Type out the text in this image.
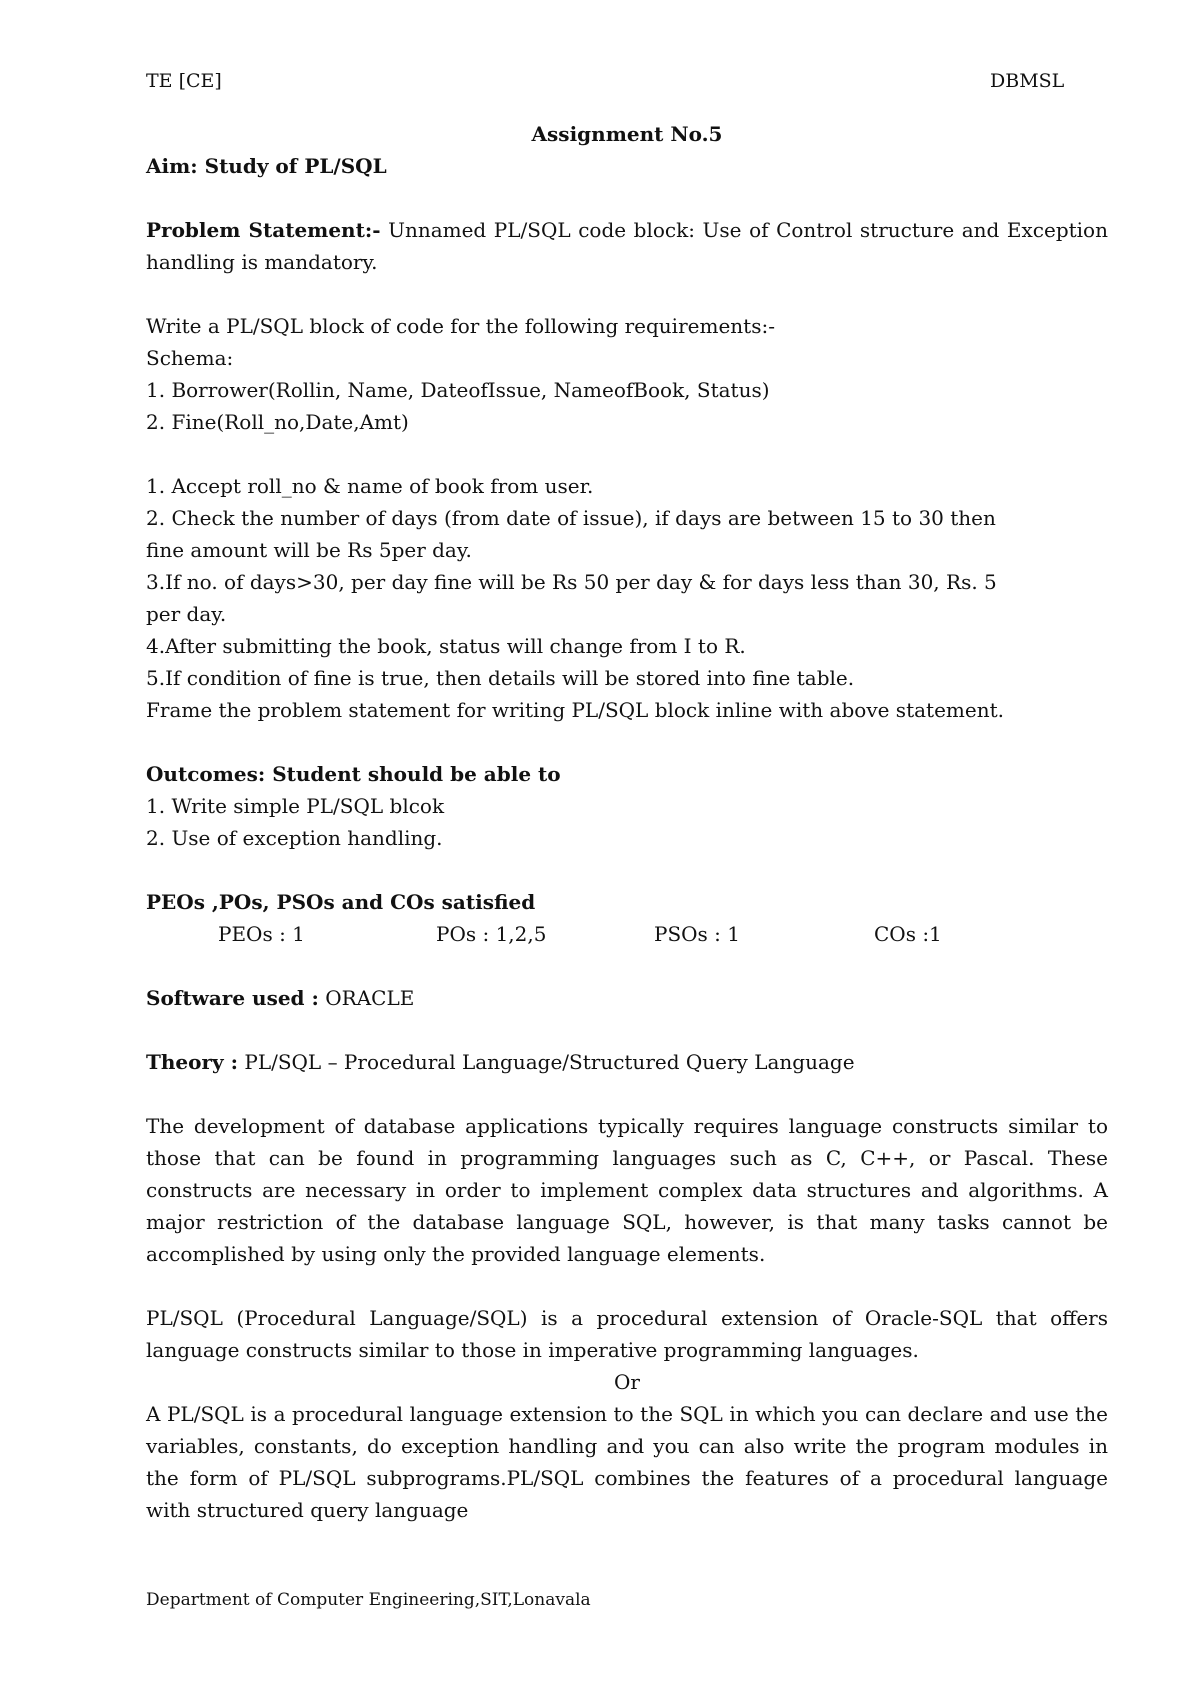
TE [CE]	DBMSL

Assignment No.5

Aim: Study of PL/SQL

Problem Statement:- Unnamed PL/SQL code block: Use of Control structure and Exception handling is mandatory.

Write a PL/SQL block of code for the following requirements:-

Schema:

1. Borrower(Rollin, Name, DateofIssue, NameofBook, Status)

2. Fine(Roll_no,Date,Amt)

1. Accept roll_no & name of book from user.

2. Check the number of days (from date of issue), if days are between 15 to 30 then fine amount will be Rs 5per day.

3.If no. of days>30, per day fine will be Rs 50 per day & for days less than 30, Rs. 5 per day.

4.After submitting the book, status will change from I to R.

5.If condition of fine is true, then details will be stored into fine table.

Frame the problem statement for writing PL/SQL block inline with above statement.

Outcomes: Student should be able to

1. Write simple PL/SQL blcok

2. Use of exception handling.

PEOs ,POs, PSOs and COs satisfied

PEOs : 1	POs : 1,2,5	PSOs : 1	COs :1

Software used : ORACLE

Theory : PL/SQL – Procedural Language/Structured Query Language

The development of database applications typically requires language constructs similar to those that can be found in programming languages such as C, C++, or Pascal. These constructs are necessary in order to implement complex data structures and algorithms. A major restriction of the database language SQL, however, is that many tasks cannot be accomplished by using only the provided language elements.

PL/SQL (Procedural Language/SQL) is a procedural extension of Oracle-SQL that offers language constructs similar to those in imperative programming languages.

Or

A PL/SQL is a procedural language extension to the SQL in which you can declare and use the variables, constants, do exception handling and you can also write the program modules in the form of PL/SQL subprograms.PL/SQL combines the features of a procedural language with structured query language

Department of Computer Engineering,SIT,Lonavala
